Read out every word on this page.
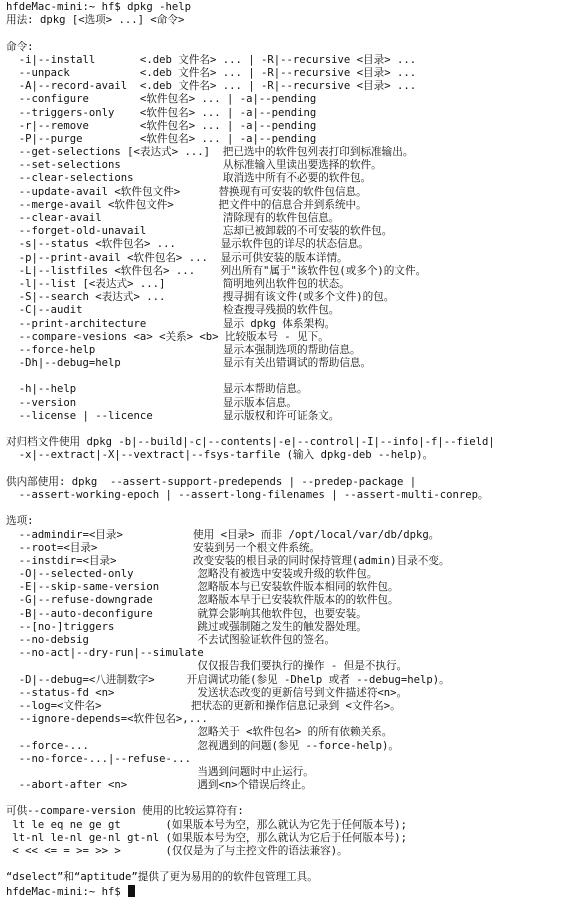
hfdeMac-mini:~ hf$ dpkg -help
用法: dpkg [<选项> ...] <命令>
命令:
-i|--install       <.deb 文件名> ... | -R|--recursive <目录> ...
--unpack           <.deb 文件名> ... | -R|--recursive <目录> ...
-A|--record-avail  <.deb 文件名> ... | -R|--recursive <目录> ...
--configure        <软件包名> ... | -a|--pending
--triggers-only    <软件包名> ... | -a|--pending
-r|--remove        <软件包名> ... | -a|--pending
-P|--purge         <软件包名> ... | -a|--pending
--get-selections [<表达式> ...]  把已选中的软件包列表打印到标准输出。
--set-selections                从标准输入里读出要选择的软件。
--clear-selections              取消选中所有不必要的软件包。
--update-avail <软件包文件>      替换现有可安装的软件包信息。
--merge-avail <软件包文件>       把文件中的信息合并到系统中。
--clear-avail                   清除现有的软件包信息。
--forget-old-unavail            忘却已被卸载的不可安装的软件包。
-s|--status <软件包名> ...       显示软件包的详尽的状态信息。
-p|--print-avail <软件包名> ...  显示可供安装的版本详情。
-L|--listfiles <软件包名> ...    列出所有"属于"该软件包(或多个)的文件。
-l|--list [<表达式> ...]         简明地列出软件包的状态。
-S|--search <表达式> ...         搜寻拥有该文件(或多个文件)的包。
-C|--audit                      检查搜寻残损的软件包。
--print-architecture            显示 dpkg 体系架构。
--compare-vesions <a> <关系> <b> 比较版本号 - 见下。
--force-help                    显示本强制选项的帮助信息。
-Dh|--debug=help                显示有关出错调试的帮助信息。
-h|--help                       显示本帮助信息。
--version                       显示版本信息。
--license | --licence           显示版权和许可证条文。
对归档文件使用 dpkg -b|--build|-c|--contents|-e|--control|-I|--info|-f|--field|
-x|--extract|-X|--vextract|--fsys-tarfile (输入 dpkg-deb --help)。
供内部使用: dpkg  --assert-support-predepends | --predep-package |
--assert-working-epoch | --assert-long-filenames | --assert-multi-conrep。
选项:
--admindir=<目录>           使用 <目录> 而非 /opt/local/var/db/dpkg。
--root=<目录>               安装到另一个根文件系统。
--instdir=<目录>            改变安装的根目录的同时保持管理(admin)目录不变。
-O|--selected-only          忽略没有被选中安装或升级的软件包。
-E|--skip-same-version      忽略版本与已安装软件版本相同的软件包。
-G|--refuse-downgrade       忽略版本早于已安装软件版本的的软件包。
-B|--auto-deconfigure       就算会影响其他软件包，也要安装。
--[no-]triggers             跳过或强制随之发生的触发器处理。
--no-debsig                 不去试图验证软件包的签名。
--no-act|--dry-run|--simulate
仅仅报告我们要执行的操作 - 但是不执行。
-D|--debug=<八进制数字>     开启调试功能(参见 -Dhelp 或者 --debug=help)。
--status-fd <n>             发送状态改变的更新信号到文件描述符<n>。
--log=<文件名>              把状态的更新和操作信息记录到 <文件名>。
--ignore-depends=<软件包名>,...
忽略关于 <软件包名> 的所有依赖关系。
--force-...                 忽视遇到的问题(参见 --force-help)。
--no-force-...|--refuse-...
当遇到问题时中止运行。
--abort-after <n>           遇到<n>个错误后终止。
可供--compare-version 使用的比较运算符有:
lt le eq ne ge gt       (如果版本号为空，那么就认为它先于任何版本号);
lt-nl le-nl ge-nl gt-nl (如果版本号为空，那么就认为它后于任何版本号);
< << <= = >= >> >       (仅仅是为了与主控文件的语法兼容)。
“dselect”和“aptitude”提供了更为易用的的软件包管理工具。
hfdeMac-mini:~ hf$
